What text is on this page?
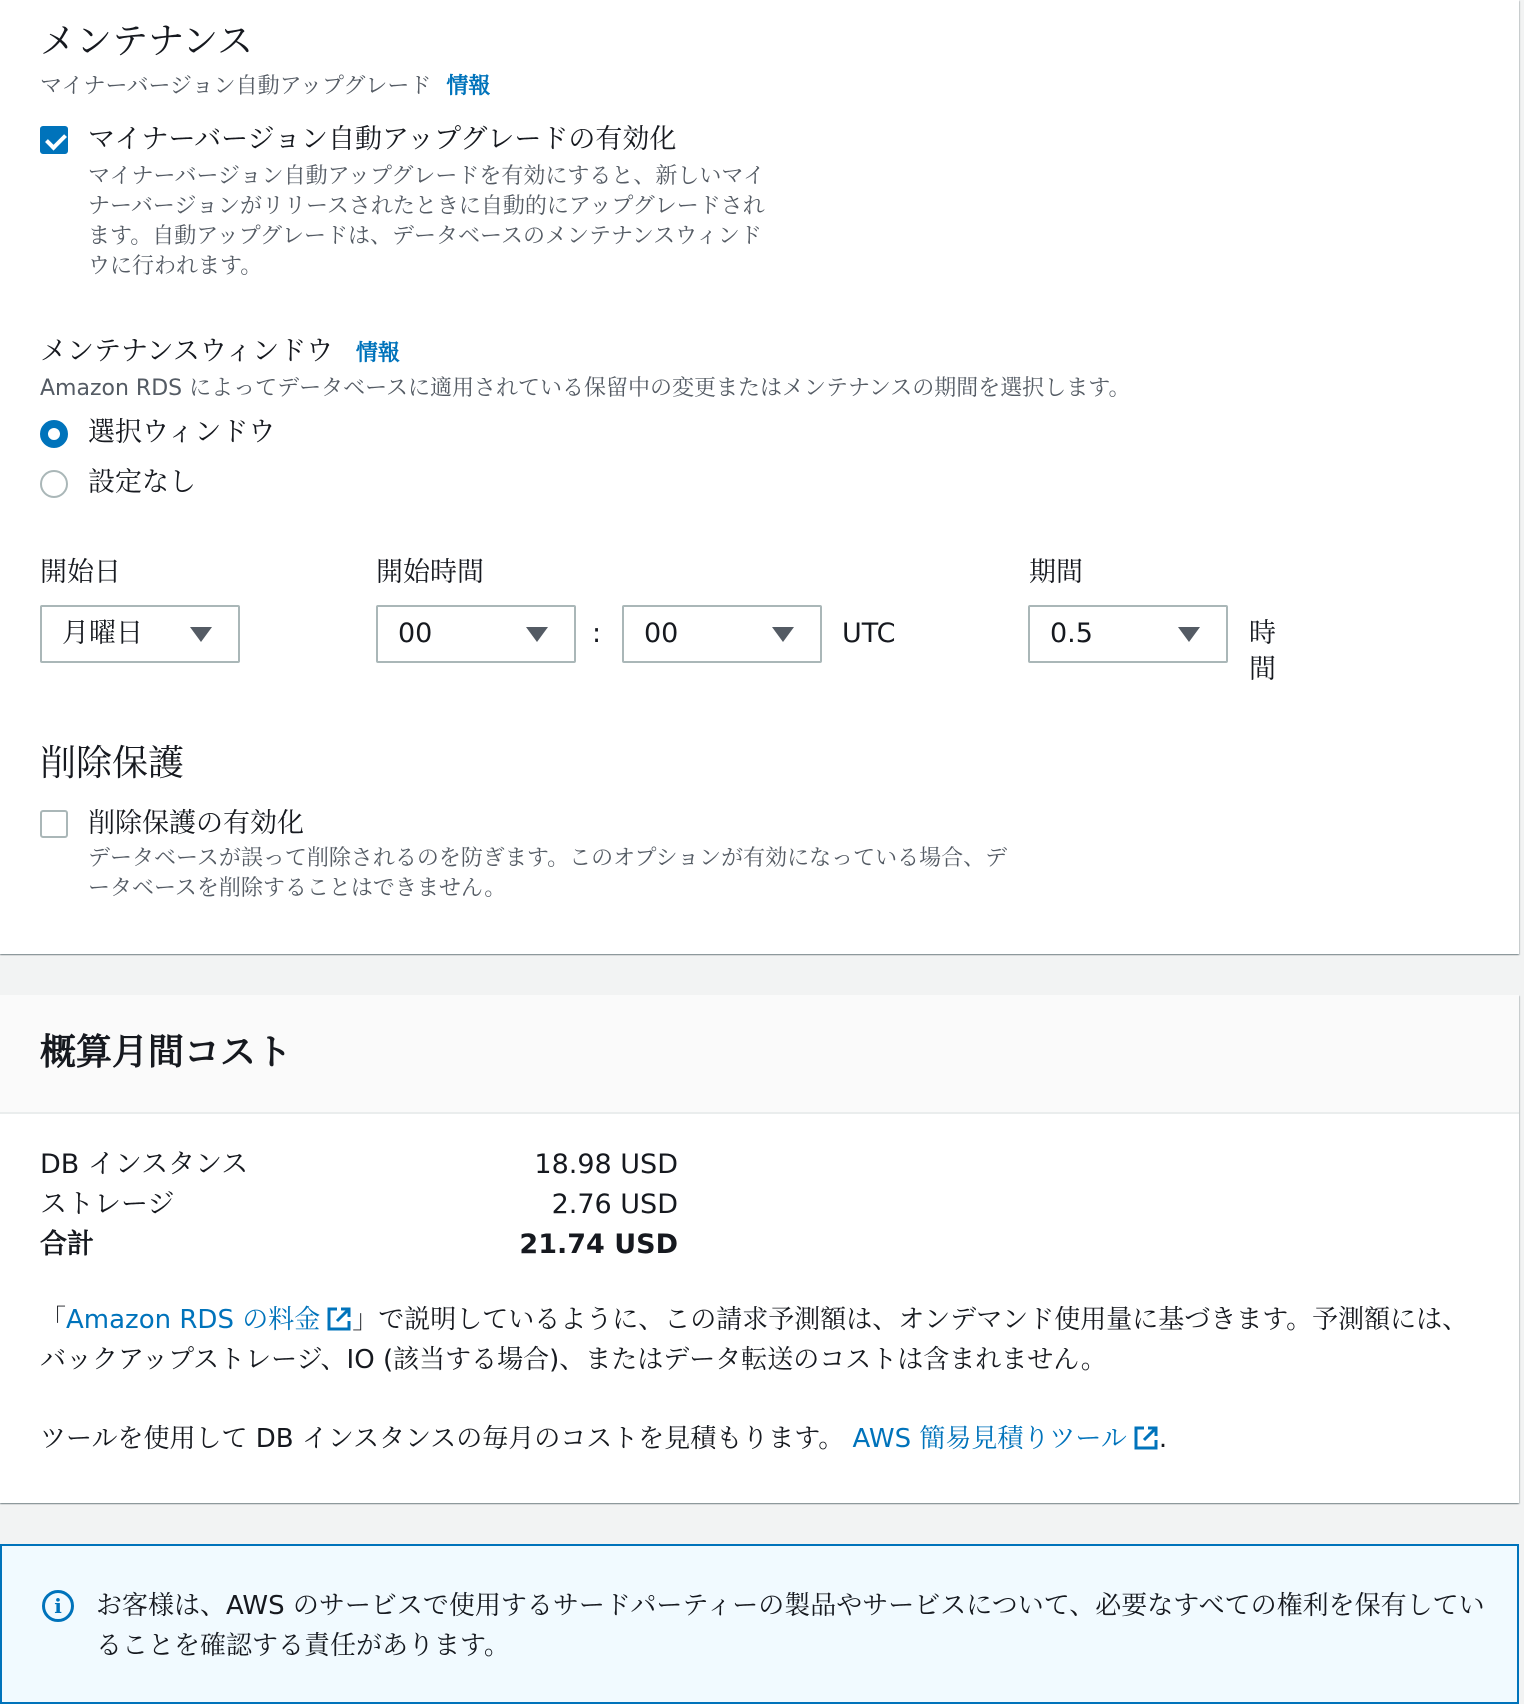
メンテナンス
マイナーバージョン自動アップグレード 情報
マイナーバージョン自動アップグレードの有効化
マイナーバージョン自動アップグレードを有効にすると、新しいマイ
ナーバージョンがリリースされたときに自動的にアップグレードされ
ます。自動アップグレードは、データベースのメンテナンスウィンド
ウに行われます。
メンテナンスウィンドウ 情報
Amazon RDS によってデータベースに適用されている保留中の変更またはメンテナンスの期間を選択します。
選択ウィンドウ
設定なし
開始日
月曜日
開始時間
00	:	00	UTC
期間
0.5	時
間
削除保護
削除保護の有効化
データベースが誤って削除されるのを防ぎます。このオプションが有効になっている場合、デ
ータベースを削除することはできません。
概算月間コスト
DB インスタンス	18.98 USD
ストレージ	2.76 USD
合計	21.74 USD
「Amazon RDS の料金 」で説明しているように、この請求予測額は、オンデマンド使用量に基づきます。予測額には、バックアップストレージ、IO (該当する場合)、またはデータ転送のコストは含まれません。
ツールを使用して DB インスタンスの毎月のコストを見積もります。 AWS 簡易見積りツール .
i	お客様は、AWS のサービスで使用するサードパーティーの製品やサービスについて、必要なすべての権利を保有していることを確認する責任があります。
